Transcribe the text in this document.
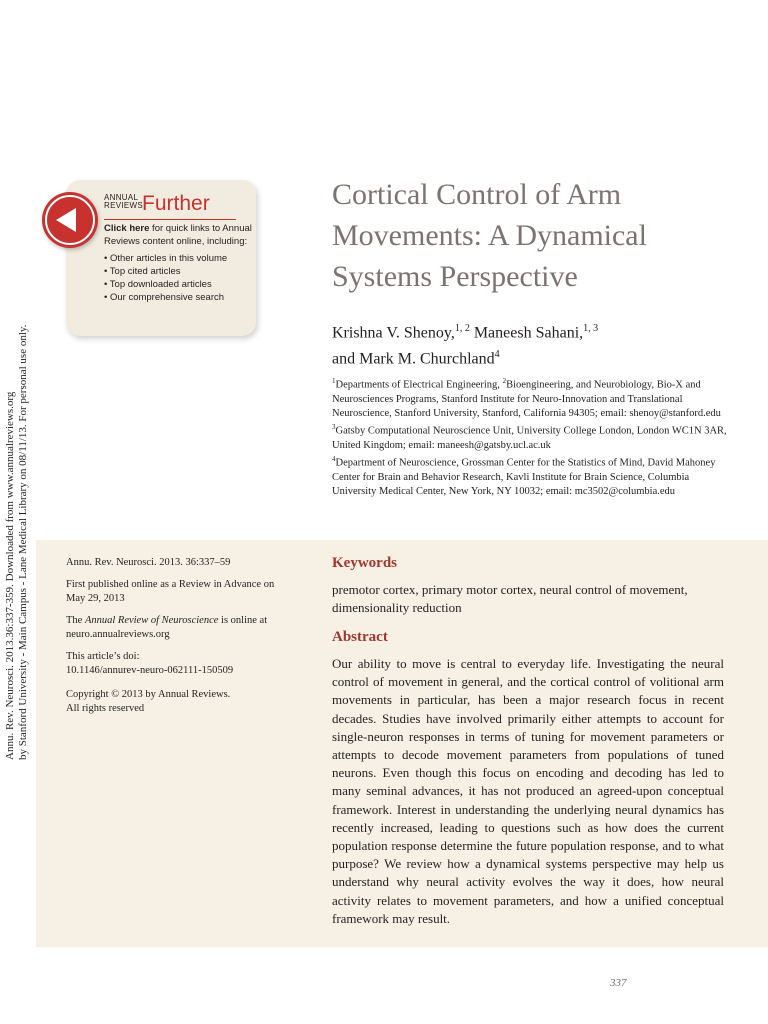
Annu. Rev. Neurosci. 2013.36:337-359. Downloaded from www.annualreviews.org by Stanford University - Main Campus - Lane Medical Library on 08/11/13. For personal use only.
ANNUAL
REVIEWSFurther
Click here for quick links to Annual Reviews content online, including:
• Other articles in this volume
• Top cited articles
• Top downloaded articles
• Our comprehensive search
Cortical Control of Arm Movements: A Dynamical Systems Perspective
Krishna V. Shenoy,$^{1, 2}$ Maneesh Sahani,$^{1, 3}$
and Mark M. Churchland$^4$
$^1$Departments of Electrical Engineering, $^2$Bioengineering, and Neurobiology, Bio-X and Neurosciences Programs, Stanford Institute for Neuro-Innovation and Translational Neuroscience, Stanford University, Stanford, California 94305; email: shenoy@stanford.edu
$^3$Gatsby Computational Neuroscience Unit, University College London, London WC1N 3AR, United Kingdom; email: maneesh@gatsby.ucl.ac.uk
$^4$Department of Neuroscience, Grossman Center for the Statistics of Mind, David Mahoney Center for Brain and Behavior Research, Kavli Institute for Brain Science, Columbia University Medical Center, New York, NY 10032; email: mc3502@columbia.edu
Annu. Rev. Neurosci. 2013. 36:337–59
First published online as a Review in Advance on May 29, 2013
The Annual Review of Neuroscience is online at neuro.annualreviews.org
This article’s doi:
10.1146/annurev-neuro-062111-150509
Copyright © 2013 by Annual Reviews.
All rights reserved
Keywords
premotor cortex, primary motor cortex, neural control of movement, dimensionality reduction
Abstract
Our ability to move is central to everyday life. Investigating the neural control of movement in general, and the cortical control of volitional arm movements in particular, has been a major research focus in recent decades. Studies have involved primarily either attempts to account for single-neuron responses in terms of tuning for movement parameters or attempts to decode movement parameters from populations of tuned neurons. Even though this focus on encoding and decoding has led to many seminal advances, it has not produced an agreed-upon conceptual framework. Interest in understanding the underlying neural dynamics has recently increased, leading to questions such as how does the current population response determine the future population response, and to what purpose? We review how a dynamical systems perspective may help us understand why neural activity evolves the way it does, how neural activity relates to movement parameters, and how a unified conceptual framework may result.
337
